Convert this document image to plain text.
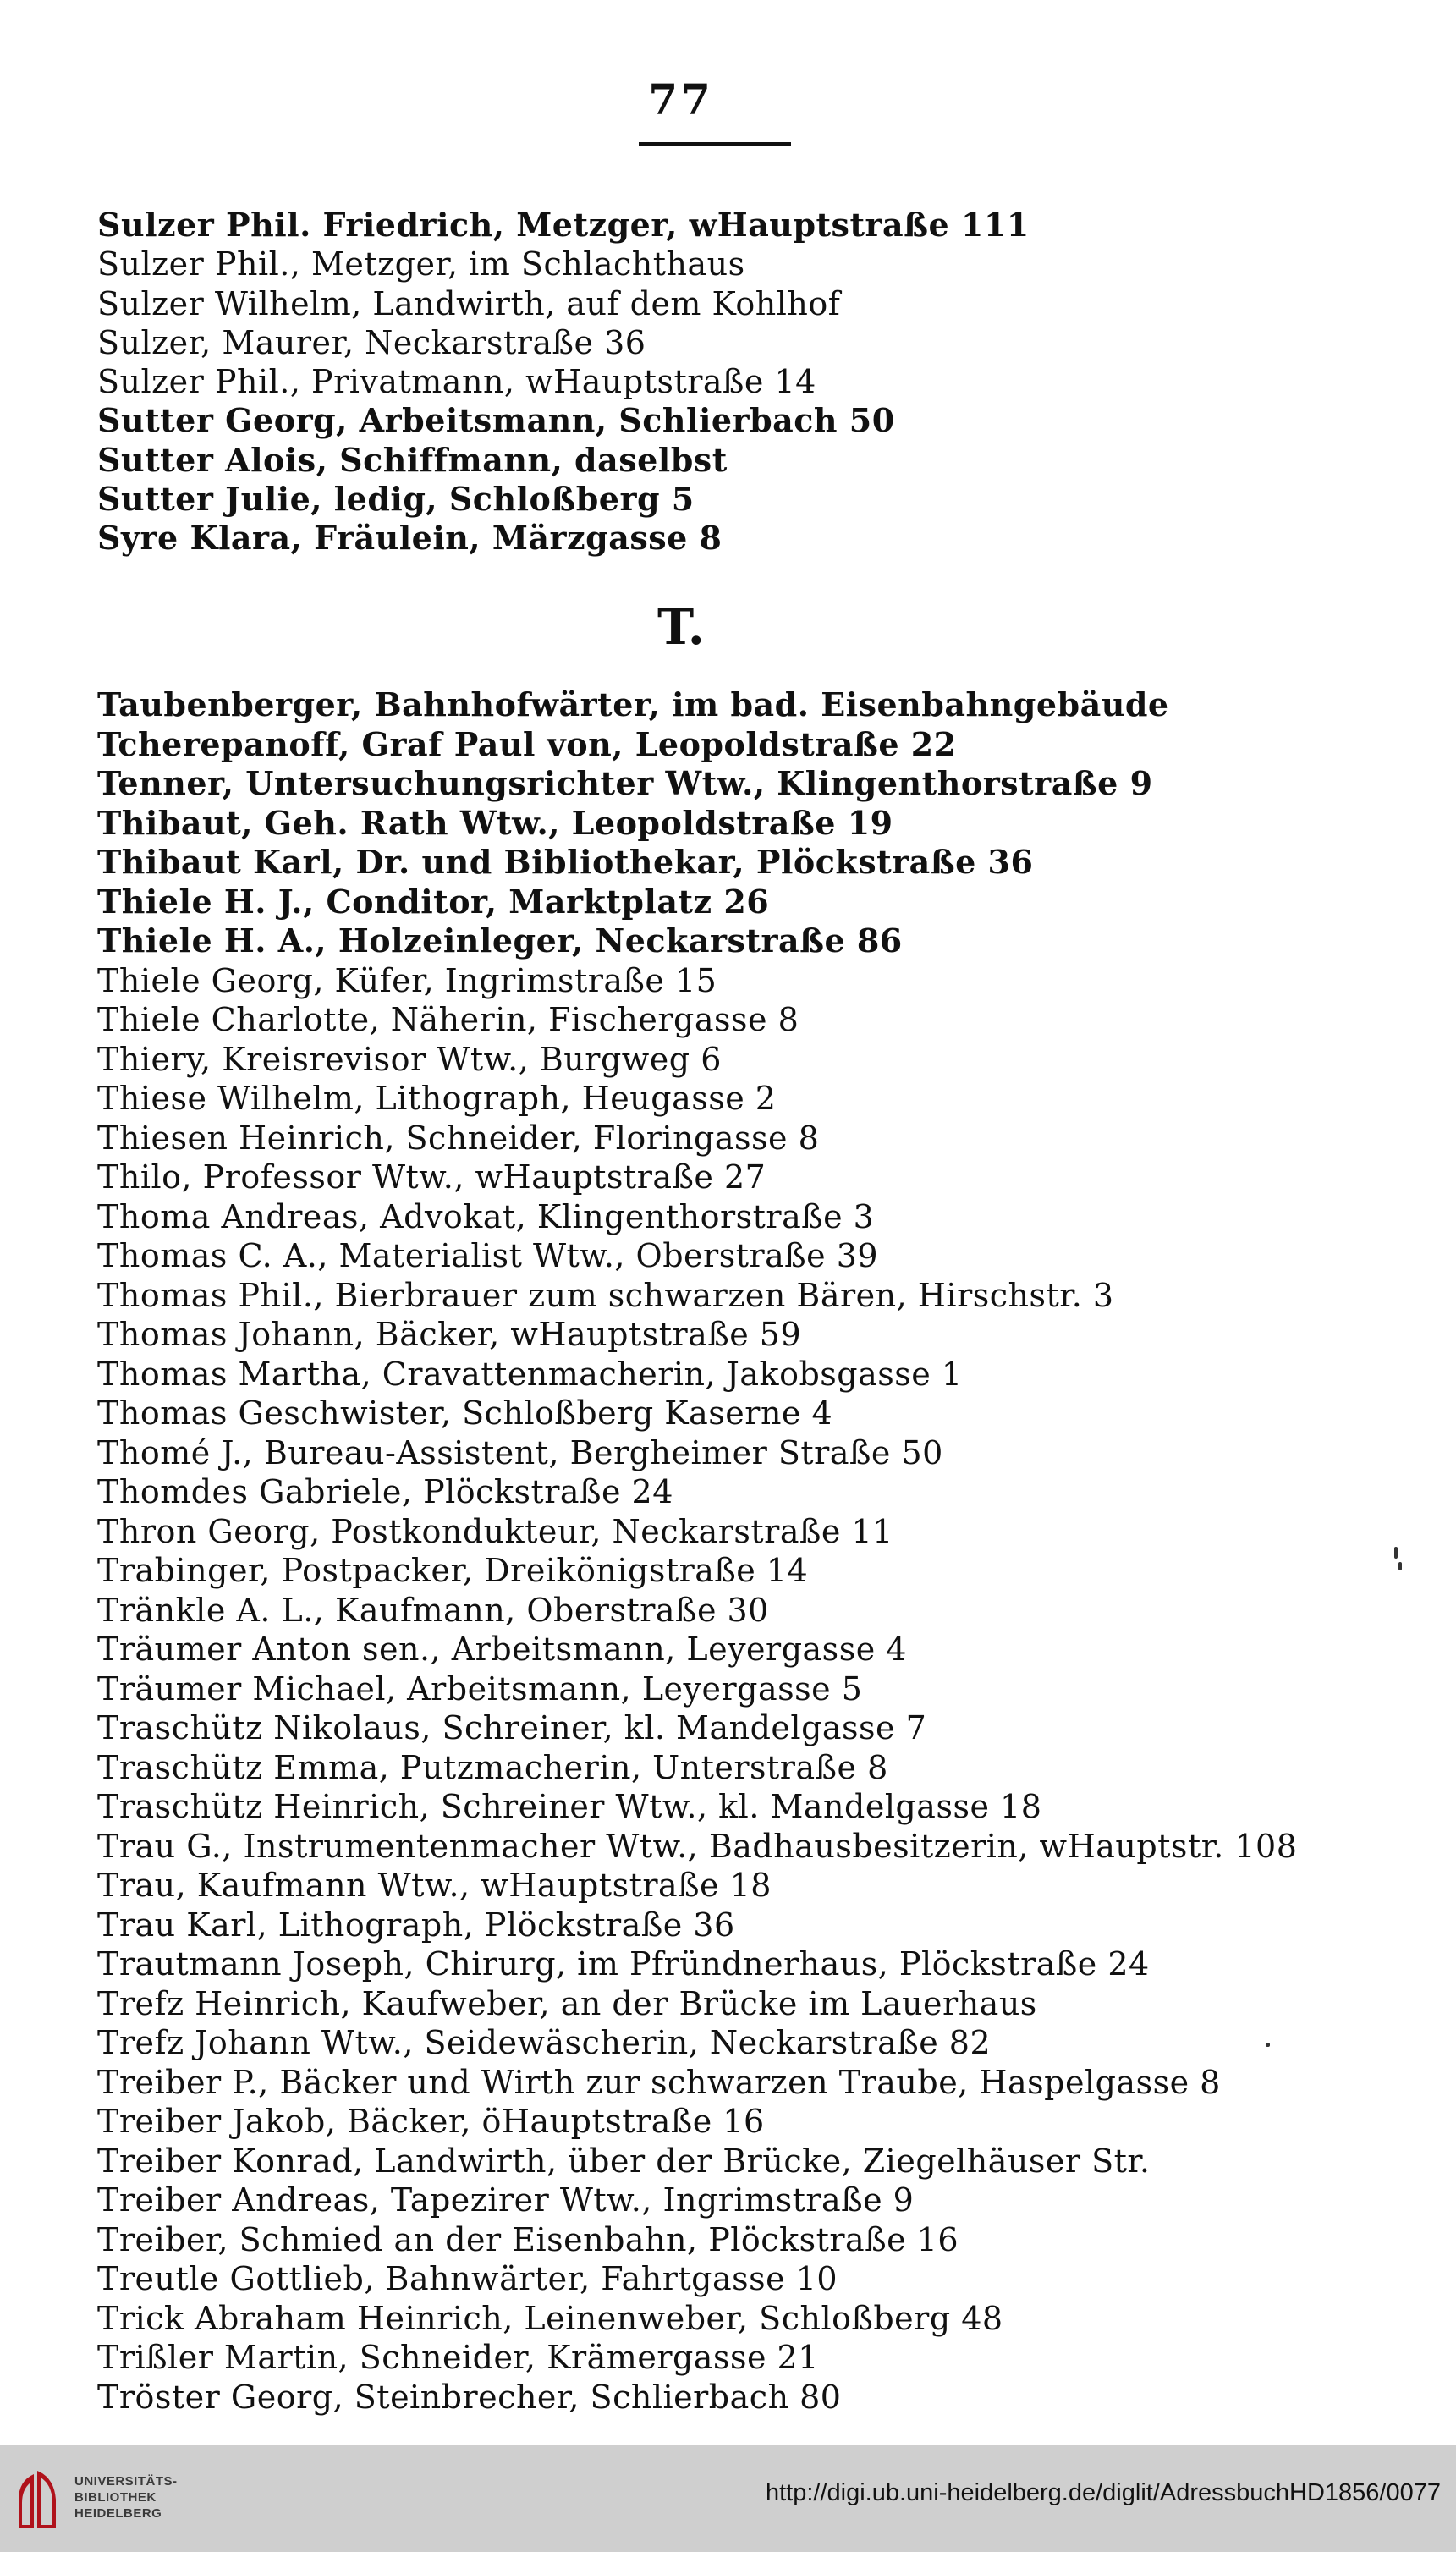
77
Sulzer Phil. Friedrich, Metzger, wHauptstraße 111
Sulzer Phil., Metzger, im Schlachthaus
Sulzer Wilhelm, Landwirth, auf dem Kohlhof
Sulzer, Maurer, Neckarstraße 36
Sulzer Phil., Privatmann, wHauptstraße 14
Sutter Georg, Arbeitsmann, Schlierbach 50
Sutter Alois, Schiffmann, daselbst
Sutter Julie, ledig, Schloßberg 5
Syre Klara, Fräulein, Märzgasse 8
T.
Taubenberger, Bahnhofwärter, im bad. Eisenbahngebäude
Tcherepanoff, Graf Paul von, Leopoldstraße 22
Tenner, Untersuchungsrichter Wtw., Klingenthorstraße 9
Thibaut, Geh. Rath Wtw., Leopoldstraße 19
Thibaut Karl, Dr. und Bibliothekar, Plöckstraße 36
Thiele H. J., Conditor, Marktplatz 26
Thiele H. A., Holzeinleger, Neckarstraße 86
Thiele Georg, Küfer, Ingrimstraße 15
Thiele Charlotte, Näherin, Fischergasse 8
Thiery, Kreisrevisor Wtw., Burgweg 6
Thiese Wilhelm, Lithograph, Heugasse 2
Thiesen Heinrich, Schneider, Floringasse 8
Thilo, Professor Wtw., wHauptstraße 27
Thoma Andreas, Advokat, Klingenthorstraße 3
Thomas C. A., Materialist Wtw., Oberstraße 39
Thomas Phil., Bierbrauer zum schwarzen Bären, Hirschstr. 3
Thomas Johann, Bäcker, wHauptstraße 59
Thomas Martha, Cravattenmacherin, Jakobsgasse 1
Thomas Geschwister, Schloßberg Kaserne 4
Thomé J., Bureau-Assistent, Bergheimer Straße 50
Thomdes Gabriele, Plöckstraße 24
Thron Georg, Postkondukteur, Neckarstraße 11
Trabinger, Postpacker, Dreikönigstraße 14
Tränkle A. L., Kaufmann, Oberstraße 30
Träumer Anton sen., Arbeitsmann, Leyergasse 4
Träumer Michael, Arbeitsmann, Leyergasse 5
Traschütz Nikolaus, Schreiner, kl. Mandelgasse 7
Traschütz Emma, Putzmacherin, Unterstraße 8
Traschütz Heinrich, Schreiner Wtw., kl. Mandelgasse 18
Trau G., Instrumentenmacher Wtw., Badhausbesitzerin, wHauptstr. 108
Trau, Kaufmann Wtw., wHauptstraße 18
Trau Karl, Lithograph, Plöckstraße 36
Trautmann Joseph, Chirurg, im Pfründnerhaus, Plöckstraße 24
Trefz Heinrich, Kaufweber, an der Brücke im Lauerhaus
Trefz Johann Wtw., Seidewäscherin, Neckarstraße 82
Treiber P., Bäcker und Wirth zur schwarzen Traube, Haspelgasse 8
Treiber Jakob, Bäcker, öHauptstraße 16
Treiber Konrad, Landwirth, über der Brücke, Ziegelhäuser Str.
Treiber Andreas, Tapezirer Wtw., Ingrimstraße 9
Treiber, Schmied an der Eisenbahn, Plöckstraße 16
Treutle Gottlieb, Bahnwärter, Fahrtgasse 10
Trick Abraham Heinrich, Leinenweber, Schloßberg 48
Trißler Martin, Schneider, Krämergasse 21
Tröster Georg, Steinbrecher, Schlierbach 80
UNIVERSITÄTS-
BIBLIOTHEK
HEIDELBERG
http://digi.ub.uni-heidelberg.de/diglit/AdressbuchHD1856/0077
